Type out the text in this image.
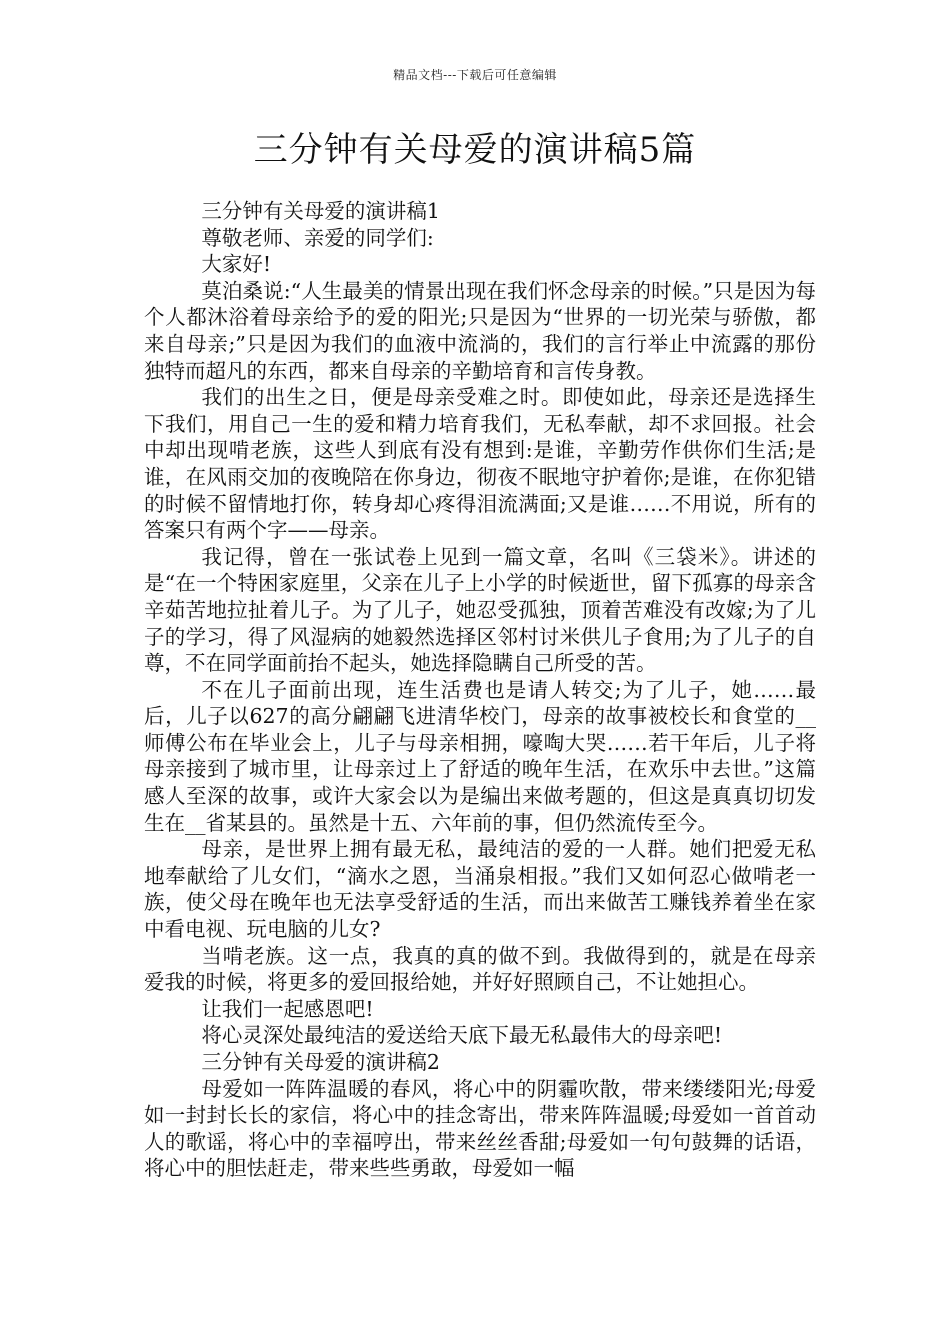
精品文档---下载后可任意编辑
三分钟有关母爱的演讲稿5篇

三分钟有关母爱的演讲稿1

尊敬老师、亲爱的同学们:

大家好!

莫泊桑说:“人生最美的情景出现在我们怀念母亲的时候。”只是因为每个人都沐浴着母亲给予的爱的阳光;只是因为“世界的一切光荣与骄傲，都来自母亲;”只是因为我们的血液中流淌的，我们的言行举止中流露的那份独特而超凡的东西，都来自母亲的辛勤培育和言传身教。

我们的出生之日，便是母亲受难之时。即使如此，母亲还是选择生下我们，用自己一生的爱和精力培育我们，无私奉献，却不求回报。社会中却出现啃老族，这些人到底有没有想到:是谁，辛勤劳作供你们生活;是谁，在风雨交加的夜晚陪在你身边，彻夜不眠地守护着你;是谁，在你犯错的时候不留情地打你，转身却心疼得泪流满面;又是谁……不用说，所有的答案只有两个字——母亲。

我记得，曾在一张试卷上见到一篇文章，名叫《三袋米》。讲述的是“在一个特困家庭里，父亲在儿子上小学的时候逝世，留下孤寡的母亲含辛茹苦地拉扯着儿子。为了儿子，她忍受孤独，顶着苦难没有改嫁;为了儿子的学习，得了风湿病的她毅然选择区邻村讨米供儿子食用;为了儿子的自尊，不在同学面前抬不起头，她选择隐瞒自己所受的苦。

不在儿子面前出现，连生活费也是请人转交;为了儿子，她……最后，儿子以627的高分翩翩飞进清华校门，母亲的故事被校长和食堂的__师傅公布在毕业会上，儿子与母亲相拥，嚎啕大哭……若干年后，儿子将母亲接到了城市里，让母亲过上了舒适的晚年生活，在欢乐中去世。”这篇感人至深的故事，或许大家会以为是编出来做考题的，但这是真真切切发生在__省某县的。虽然是十五、六年前的事，但仍然流传至今。

母亲，是世界上拥有最无私，最纯洁的爱的一人群。她们把爱无私地奉献给了儿女们，“滴水之恩，当涌泉相报。”我们又如何忍心做啃老一族，使父母在晚年也无法享受舒适的生活，而出来做苦工赚钱养着坐在家中看电视、玩电脑的儿女?

当啃老族。这一点，我真的真的做不到。我做得到的，就是在母亲爱我的时候，将更多的爱回报给她，并好好照顾自己，不让她担心。

让我们一起感恩吧!

将心灵深处最纯洁的爱送给天底下最无私最伟大的母亲吧!

三分钟有关母爱的演讲稿2

母爱如一阵阵温暖的春风，将心中的阴霾吹散，带来缕缕阳光;母爱如一封封长长的家信，将心中的挂念寄出，带来阵阵温暖;母爱如一首首动人的歌谣，将心中的幸福哼出，带来丝丝香甜;母爱如一句句鼓舞的话语，将心中的胆怯赶走，带来些些勇敢，母爱如一幅
